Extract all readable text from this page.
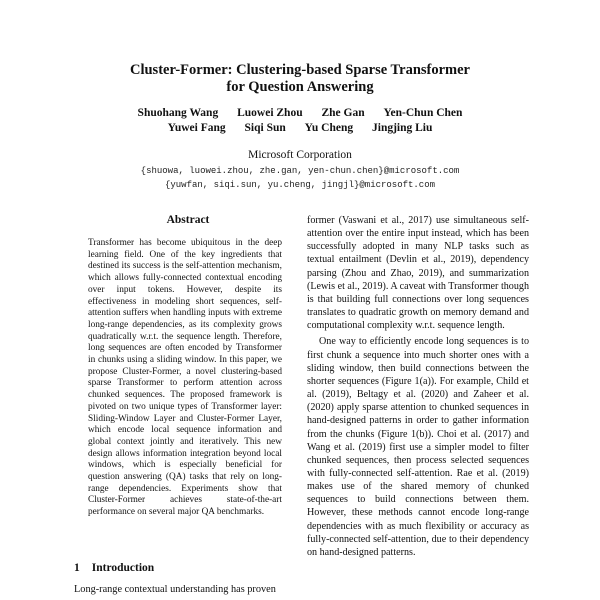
Cluster-Former: Clustering-based Sparse Transformer
for Question Answering
Shuohang Wang Luowei Zhou Zhe Gan Yen-Chun Chen
Yuwei Fang Siqi Sun Yu Cheng Jingjing Liu
Microsoft Corporation
{shuowa, luowei.zhou, zhe.gan, yen-chun.chen}@microsoft.com
{yuwfan, siqi.sun, yu.cheng, jingjl}@microsoft.com
Abstract
Transformer has become ubiquitous in the deep learning field. One of the key ingredients that destined its success is the self-attention mechanism, which allows fully-connected contextual encoding over input tokens. However, despite its effectiveness in modeling short sequences, self-attention suffers when handling inputs with extreme long-range dependencies, as its complexity grows quadratically w.r.t. the sequence length. Therefore, long sequences are often encoded by Transformer in chunks using a sliding window. In this paper, we propose Cluster-Former, a novel clustering-based sparse Transformer to perform attention across chunked sequences. The proposed framework is pivoted on two unique types of Transformer layer: Sliding-Window Layer and Cluster-Former Layer, which encode local sequence information and global context jointly and iteratively. This new design allows information integration beyond local windows, which is especially beneficial for question answering (QA) tasks that rely on long-range dependencies. Experiments show that Cluster-Former achieves state-of-the-art performance on several major QA benchmarks.
1 Introduction
Long-range contextual understanding has proven

former (Vaswani et al., 2017) use simultaneous self-attention over the entire input instead, which has been successfully adopted in many NLP tasks such as textual entailment (Devlin et al., 2019), dependency parsing (Zhou and Zhao, 2019), and summarization (Lewis et al., 2019). A caveat with Transformer though is that building full connections over long sequences translates to quadratic growth on memory demand and computational complexity w.r.t. sequence length.

One way to efficiently encode long sequences is to first chunk a sequence into much shorter ones with a sliding window, then build connections between the shorter sequences (Figure 1(a)). For example, Child et al. (2019), Beltagy et al. (2020) and Zaheer et al. (2020) apply sparse attention to chunked sequences in hand-designed patterns in order to gather information from the chunks (Figure 1(b)). Choi et al. (2017) and Wang et al. (2019) first use a simpler model to filter chunked sequences, then process selected sequences with fully-connected self-attention. Rae et al. (2019) makes use of the shared memory of chunked sequences to build connections between them. However, these methods cannot encode long-range dependencies with as much flexibility or accuracy as fully-connected self-attention, due to their dependency on hand-designed patterns.
